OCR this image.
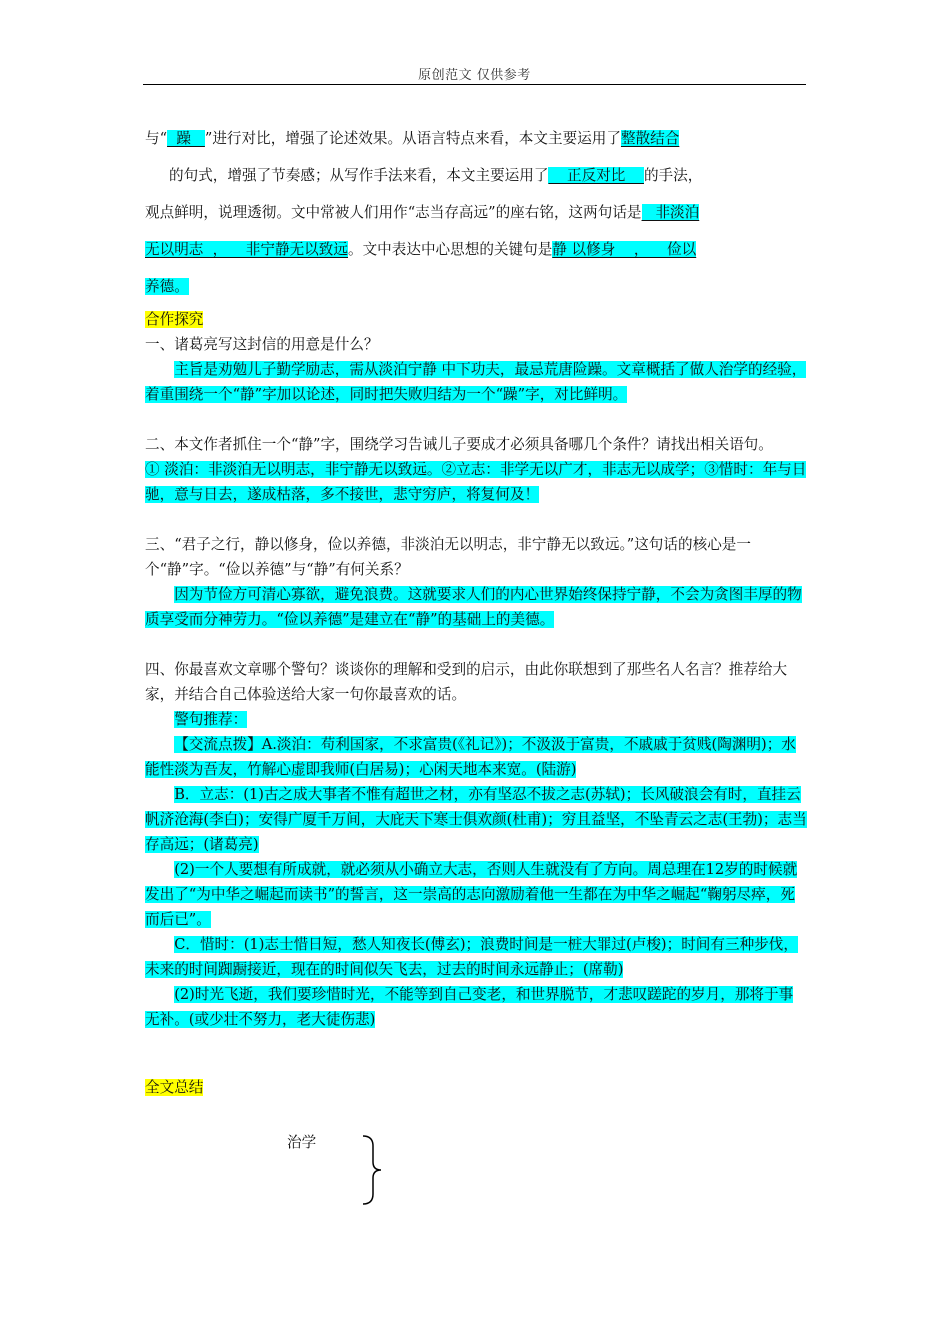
原创范文 仅供参考
与“  躁   ”进行对比，增强了论述效果。从语言特点来看，本文主要运用了整散结合
的句式，增强了节奏感；从写作手法来看，本文主要运用了    正反对比    的手法，
观点鲜明，说理透彻。文中常被人们用作“志当存高远”的座右铭，这两句话是   非淡泊
无以明志  ，    非宁静无以致远。文中表达中心思想的关键句是静 以修身    ，    俭以
养德。
合作探究
一、诸葛亮写这封信的用意是什么？
主旨是劝勉儿子勤学励志，需从淡泊宁静 中下功夫，最忌荒唐险躁。文章概括了做人治学的经验，着重围绕一个“静”字加以论述，同时把失败归结为一个“躁”字，对比鲜明。
二、本文作者抓住一个“静”字，围绕学习告诫儿子要成才必须具备哪几个条件？请找出相关语句。
① 淡泊：非淡泊无以明志，非宁静无以致远。②立志：非学无以广才，非志无以成学；③惜时：年与日驰，意与日去，遂成枯落，多不接世，悲守穷庐，将复何及！
三、“君子之行，静以修身，俭以养德，非淡泊无以明志，非宁静无以致远。”这句话的核心是一个“静”字。“俭以养德”与“静”有何关系？
因为节俭方可清心寡欲，避免浪费。这就要求人们的内心世界始终保持宁静，不会为贪图丰厚的物质享受而分神劳力。“俭以养德”是建立在“静”的基础上的美德。
四、你最喜欢文章哪个警句？谈谈你的理解和受到的启示，由此你联想到了那些名人名言？推荐给大家，并结合自己体验送给大家一句你最喜欢的话。
警句推荐：
【交流点拨】A.淡泊：苟利国家，不求富贵(《礼记》)；不汲汲于富贵，不戚戚于贫贱(陶渊明)；水能性淡为吾友，竹解心虚即我师(白居易)；心闲天地本来宽。(陆游)
B．立志：(1)古之成大事者不惟有超世之材，亦有坚忍不拔之志(苏轼)；长风破浪会有时，直挂云帆济沧海(李白)；安得广厦千万间，大庇天下寒士俱欢颜(杜甫)；穷且益坚，不坠青云之志(王勃)；志当存高远；(诸葛亮)
(2)一个人要想有所成就，就必须从小确立大志，否则人生就没有了方向。周总理在12岁的时候就发出了“为中华之崛起而读书”的誓言，这一崇高的志向激励着他一生都在为中华之崛起“鞠躬尽瘁，死而后已”。
C．惜时：(1)志士惜日短，愁人知夜长(傅玄)；浪费时间是一桩大罪过(卢梭)；时间有三种步伐，未来的时间踟蹰接近，现在的时间似矢飞去，过去的时间永远静止；(席勒)
(2)时光飞逝，我们要珍惜时光，不能等到自己变老，和世界脱节，才悲叹蹉跎的岁月，那将于事无补。(或少壮不努力，老大徒伤悲)
全文总结
治学
